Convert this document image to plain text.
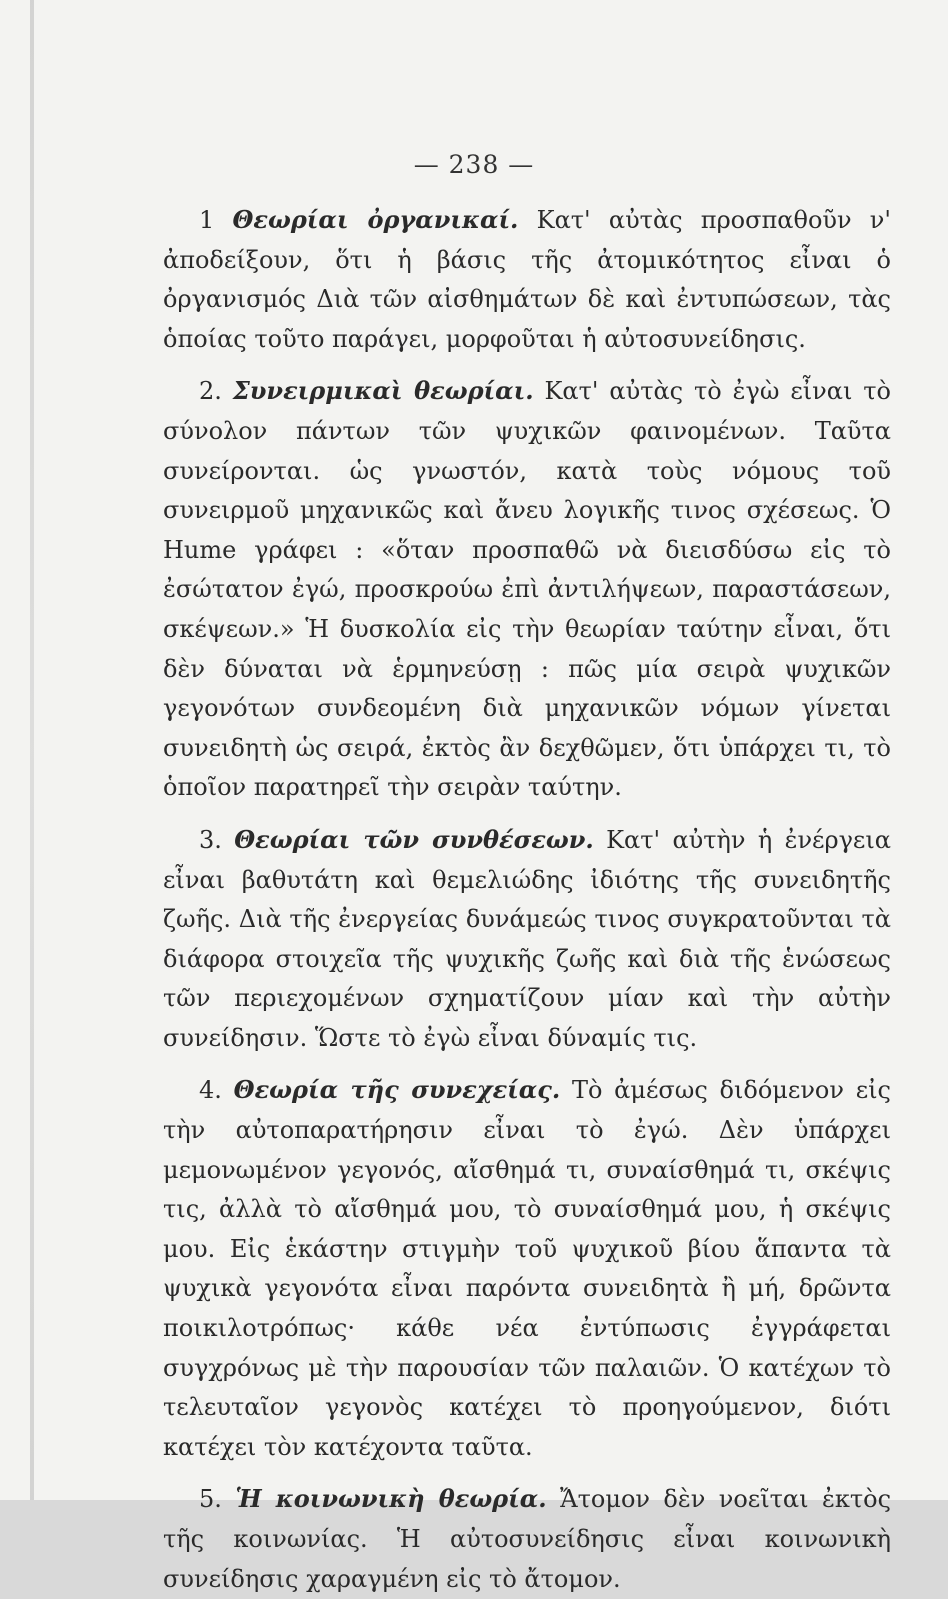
— 238 —

1 Θεωρίαι ὀργανικαί. Κατ' αὐτὰς προσπαθοῦν ν' ἀποδείξουν, ὅτι ἡ βάσις τῆς ἀτομικότητος εἶναι ὁ ὀργανισμός Διὰ τῶν αἰσθημάτων δὲ καὶ ἐντυπώσεων, τὰς ὁποίας τοῦτο παράγει, μορφοῦται ἡ αὐτοσυνείδησις.

2. Συνειρμικαὶ θεωρίαι. Κατ' αὐτὰς τὸ ἐγὼ εἶναι τὸ σύνολον πάντων τῶν ψυχικῶν φαινομένων. Ταῦτα συνείρονται. ὡς γνωστόν, κατὰ τοὺς νόμους τοῦ συνειρμοῦ μηχανικῶς καὶ ἄνευ λογικῆς τινος σχέσεως. Ὁ Hume γράφει : «ὅταν προσπαθῶ νὰ διεισδύσω εἰς τὸ ἐσώτατον ἐγώ, προσκρούω ἐπὶ ἀντιλήψεων, παραστάσεων, σκέψεων.» Ἡ δυσκολία εἰς τὴν θεωρίαν ταύτην εἶναι, ὅτι δὲν δύναται νὰ ἑρμηνεύσῃ : πῶς μία σειρὰ ψυχικῶν γεγονότων συνδεομένη διὰ μηχανικῶν νόμων γίνεται συνειδητὴ ὡς σειρά, ἐκτὸς ἂν δεχθῶμεν, ὅτι ὑπάρχει τι, τὸ ὁποῖον παρατηρεῖ τὴν σειρὰν ταύτην.

3. Θεωρίαι τῶν συνθέσεων. Κατ' αὐτὴν ἡ ἐνέργεια εἶναι βαθυτάτη καὶ θεμελιώδης ἰδιότης τῆς συνειδητῆς ζωῆς. Διὰ τῆς ἐνεργείας δυνάμεώς τινος συγκρατοῦνται τὰ διάφορα στοιχεῖα τῆς ψυχικῆς ζωῆς καὶ διὰ τῆς ἑνώσεως τῶν περιεχομένων σχηματίζουν μίαν καὶ τὴν αὐτὴν συνείδησιν. Ὥστε τὸ ἐγὼ εἶναι δύναμίς τις.

4. Θεωρία τῆς συνεχείας. Τὸ ἀμέσως διδόμενον εἰς τὴν αὐτοπαρατήρησιν εἶναι τὸ ἐγώ. Δὲν ὑπάρχει μεμονωμένον γεγονός, αἴσθημά τι, συναίσθημά τι, σκέψις τις, ἀλλὰ τὸ αἴσθημά μου, τὸ συναίσθημά μου, ἡ σκέψις μου. Εἰς ἑκάστην στιγμὴν τοῦ ψυχικοῦ βίου ἅπαντα τὰ ψυχικὰ γεγονότα εἶναι παρόντα συνειδητὰ ἢ μή, δρῶντα ποικιλοτρόπως· κάθε νέα ἐντύπωσις ἐγγράφεται συγχρόνως μὲ τὴν παρουσίαν τῶν παλαιῶν. Ὁ κατέχων τὸ τελευταῖον γεγονὸς κατέχει τὸ προηγούμενον, διότι κατέχει τὸν κατέχοντα ταῦτα.

5. Ἡ κοινωνικὴ θεωρία. Ἄτομον δὲν νοεῖται ἐκτὸς τῆς κοινωνίας. Ἡ αὐτοσυνείδησις εἶναι κοινωνικὴ συνείδησις χαραγμένη εἰς τὸ ἄτομον.
